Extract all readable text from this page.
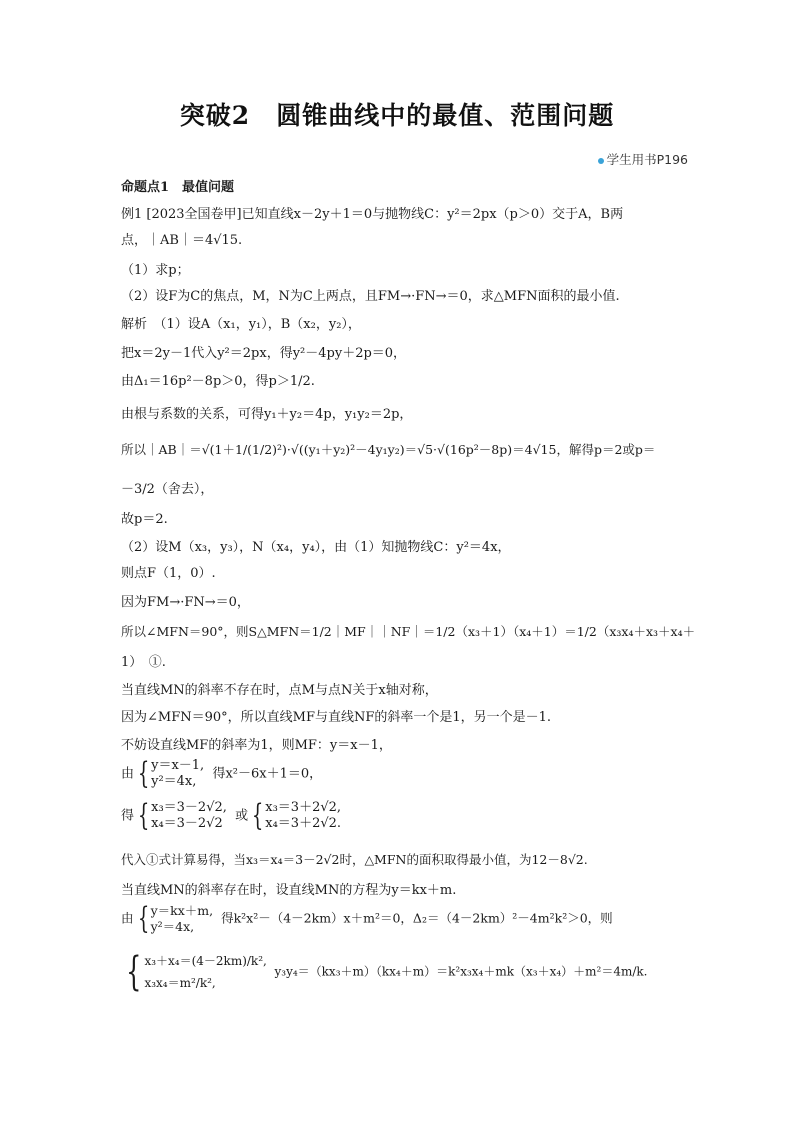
突破2　圆锥曲线中的最值、范围问题
学生用书P196
命题点1　最值问题
例1 [2023全国卷甲]已知直线x－2y＋1＝0与抛物线C：y²＝2px（p＞0）交于A，B两
点，｜AB｜＝4√15.
（1）求p；
（2）设F为C的焦点，M，N为C上两点，且FM→·FN→＝0，求△MFN面积的最小值.
解析　（1）设A（x₁，y₁），B（x₂，y₂），
把x＝2y－1代入y²＝2px，得y²－4py＋2p＝0，
由Δ₁＝16p²－8p＞0，得p＞1/2.
由根与系数的关系，可得y₁＋y₂＝4p，y₁y₂＝2p，
所以｜AB｜＝√(1＋1/(1/2)²)·√((y₁＋y₂)²－4y₁y₂)＝√5·√(16p²－8p)＝4√15，解得p＝2或p＝
－3/2（舍去），
故p＝2.
（2）设M（x₃，y₃），N（x₄，y₄），由（1）知抛物线C：y²＝4x，
则点F（1，0）.
因为FM→·FN→＝0，
所以∠MFN＝90°，则S△MFN＝1/2｜MF｜｜NF｜＝1/2（x₃＋1）（x₄＋1）＝1/2（x₃x₄＋x₃＋x₄＋
1）　①.
当直线MN的斜率不存在时，点M与点N关于x轴对称，
因为∠MFN＝90°，所以直线MF与直线NF的斜率一个是1，另一个是－1.
不妨设直线MF的斜率为1，则MF：y＝x－1，
由 { y＝x－1,
y²＝4x,	得x²－6x＋1＝0，
得 { x₃＝3－2√2,
x₄＝3－2√2 或 { x₃＝3＋2√2,
x₄＝3＋2√2.
代入①式计算易得，当x₃＝x₄＝3－2√2时，△MFN的面积取得最小值，为12－8√2.
当直线MN的斜率存在时，设直线MN的方程为y＝kx＋m.
由 { y＝kx＋m,
y²＝4x,
得k²x²－（4－2km）x＋m²＝0，Δ₂＝（4－2km）²－4m²k²＞0，则
{ x₃＋x₄＝(4－2km)/k²,
x₃x₄＝m²/k²,
y₃y₄＝（kx₃＋m）（kx₄＋m）＝k²x₃x₄＋mk（x₃＋x₄）＋m²＝4m/k.
